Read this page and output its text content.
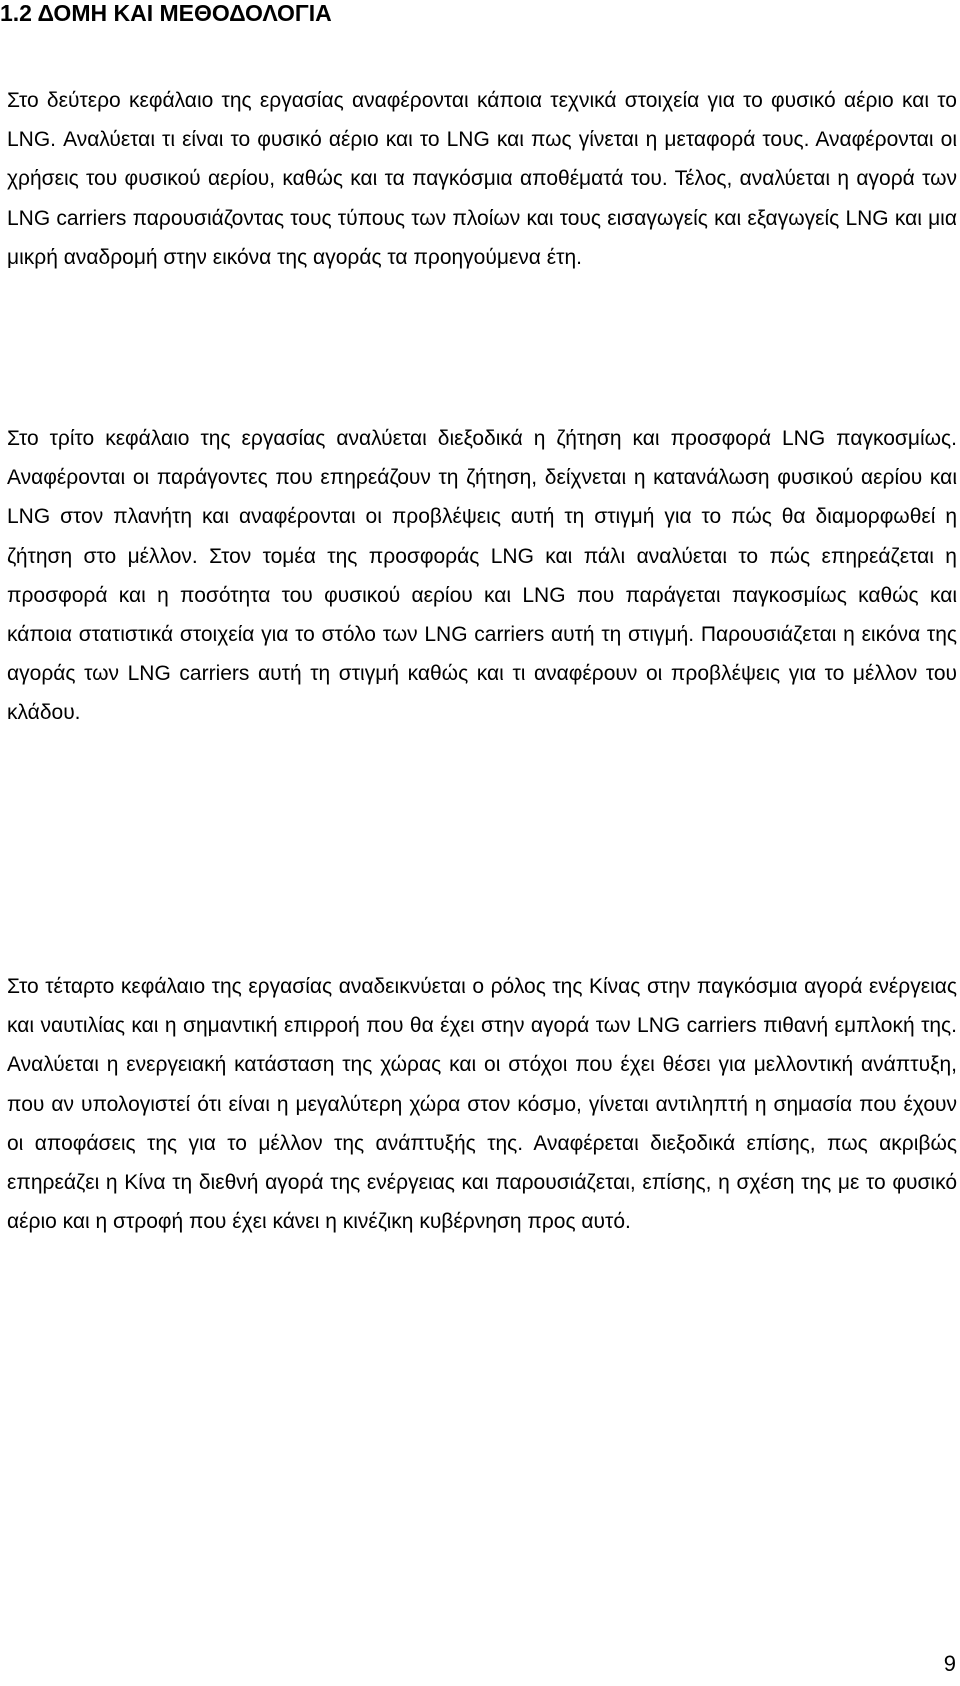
1.2 ΔΟΜΗ ΚΑΙ ΜΕΘΟΔΟΛΟΓΙΑ

Στο δεύτερο κεφάλαιο της εργασίας αναφέρονται κάποια τεχνικά στοιχεία για το φυσικό αέριο και το LNG. Αναλύεται τι είναι το φυσικό αέριο και το LNG και πως γίνεται η μεταφορά τους. Αναφέρονται οι χρήσεις του φυσικού αερίου, καθώς και τα παγκόσμια αποθέματά του. Τέλος, αναλύεται η αγορά των LNG carriers παρουσιάζοντας τους τύπους των πλοίων και τους εισαγωγείς και εξαγωγείς LNG και μια μικρή αναδρομή στην εικόνα της αγοράς τα προηγούμενα έτη.

Στο τρίτο κεφάλαιο της εργασίας αναλύεται διεξοδικά η ζήτηση και προσφορά LNG παγκοσμίως. Αναφέρονται οι παράγοντες που επηρεάζουν τη ζήτηση, δείχνεται η κατανάλωση φυσικού αερίου και LNG στον πλανήτη και αναφέρονται οι προβλέψεις αυτή τη στιγμή για το πώς θα διαμορφωθεί η ζήτηση στο μέλλον. Στον τομέα της προσφοράς LNG και πάλι αναλύεται το πώς επηρεάζεται η προσφορά και η ποσότητα του φυσικού αερίου και LNG που παράγεται παγκοσμίως καθώς και κάποια στατιστικά στοιχεία για το στόλο των LNG carriers αυτή τη στιγμή. Παρουσιάζεται η εικόνα της αγοράς των LNG carriers αυτή τη στιγμή καθώς και τι αναφέρουν οι προβλέψεις για το μέλλον του κλάδου.

Στο τέταρτο κεφάλαιο της εργασίας αναδεικνύεται ο ρόλος της Κίνας στην παγκόσμια αγορά ενέργειας και ναυτιλίας και η σημαντική επιρροή που θα έχει στην αγορά των LNG carriers πιθανή εμπλοκή της. Αναλύεται η ενεργειακή κατάσταση της χώρας και οι στόχοι που έχει θέσει για μελλοντική ανάπτυξη, που αν υπολογιστεί ότι είναι η μεγαλύτερη χώρα στον κόσμο, γίνεται αντιληπτή η σημασία που έχουν οι αποφάσεις της για το μέλλον της ανάπτυξής της. Αναφέρεται διεξοδικά επίσης, πως ακριβώς επηρεάζει η Κίνα τη διεθνή αγορά της ενέργειας και παρουσιάζεται, επίσης, η σχέση της με το φυσικό αέριο και η στροφή που έχει κάνει η κινέζικη κυβέρνηση προς αυτό.

9
